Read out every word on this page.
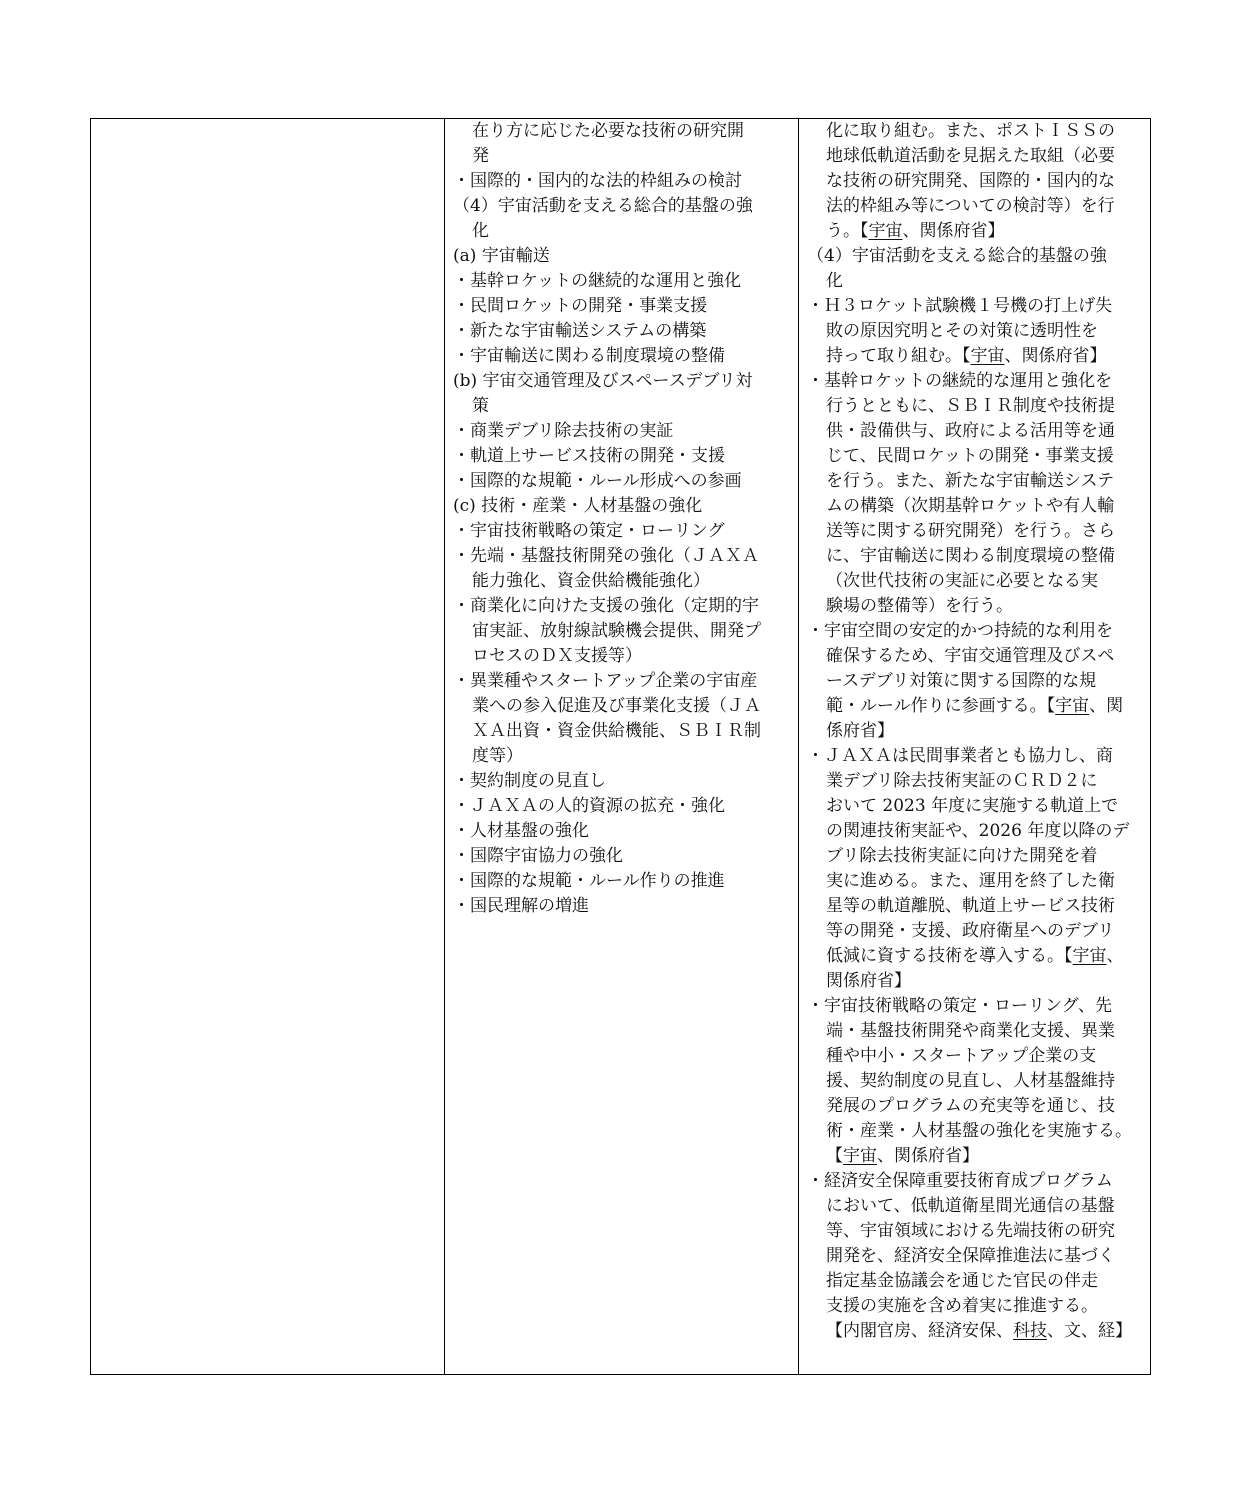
在り方に応じた必要な技術の研究開
発
・国際的・国内的な法的枠組みの検討
（4）宇宙活動を支える総合的基盤の強
化
(a) 宇宙輸送
・基幹ロケットの継続的な運用と強化
・民間ロケットの開発・事業支援
・新たな宇宙輸送システムの構築
・宇宙輸送に関わる制度環境の整備
(b) 宇宙交通管理及びスペースデブリ対
策
・商業デブリ除去技術の実証
・軌道上サービス技術の開発・支援
・国際的な規範・ルール形成への参画
(c) 技術・産業・人材基盤の強化
・宇宙技術戦略の策定・ローリング
・先端・基盤技術開発の強化（ＪＡＸＡ
能力強化、資金供給機能強化）
・商業化に向けた支援の強化（定期的宇
宙実証、放射線試験機会提供、開発プ
ロセスのＤＸ支援等）
・異業種やスタートアップ企業の宇宙産
業への参入促進及び事業化支援（ＪＡ
ＸＡ出資・資金供給機能、ＳＢＩＲ制
度等）
・契約制度の見直し
・ＪＡＸＡの人的資源の拡充・強化
・人材基盤の強化
・国際宇宙協力の強化
・国際的な規範・ルール作りの推進
・国民理解の増進
化に取り組む。また、ポストＩＳＳの
地球低軌道活動を見据えた取組（必要
な技術の研究開発、国際的・国内的な
法的枠組み等についての検討等）を行
う。【宇宙、関係府省】
（4）宇宙活動を支える総合的基盤の強
化
・Ｈ３ロケット試験機１号機の打上げ失
敗の原因究明とその対策に透明性を
持って取り組む。【宇宙、関係府省】
・基幹ロケットの継続的な運用と強化を
行うとともに、ＳＢＩＲ制度や技術提
供・設備供与、政府による活用等を通
じて、民間ロケットの開発・事業支援
を行う。また、新たな宇宙輸送システ
ムの構築（次期基幹ロケットや有人輸
送等に関する研究開発）を行う。さら
に、宇宙輸送に関わる制度環境の整備
（次世代技術の実証に必要となる実
験場の整備等）を行う。
・宇宙空間の安定的かつ持続的な利用を
確保するため、宇宙交通管理及びスペ
ースデブリ対策に関する国際的な規
範・ルール作りに参画する。【宇宙、関
係府省】
・ＪＡＸＡは民間事業者とも協力し、商
業デブリ除去技術実証のＣＲＤ２に
おいて 2023 年度に実施する軌道上で
の関連技術実証や、2026 年度以降のデ
ブリ除去技術実証に向けた開発を着
実に進める。また、運用を終了した衛
星等の軌道離脱、軌道上サービス技術
等の開発・支援、政府衛星へのデブリ
低減に資する技術を導入する。【宇宙、
関係府省】
・宇宙技術戦略の策定・ローリング、先
端・基盤技術開発や商業化支援、異業
種や中小・スタートアップ企業の支
援、契約制度の見直し、人材基盤維持
発展のプログラムの充実等を通じ、技
術・産業・人材基盤の強化を実施する。
【宇宙、関係府省】
・経済安全保障重要技術育成プログラム
において、低軌道衛星間光通信の基盤
等、宇宙領域における先端技術の研究
開発を、経済安全保障推進法に基づく
指定基金協議会を通じた官民の伴走
支援の実施を含め着実に推進する。
【内閣官房、経済安保、科技、文、経】
